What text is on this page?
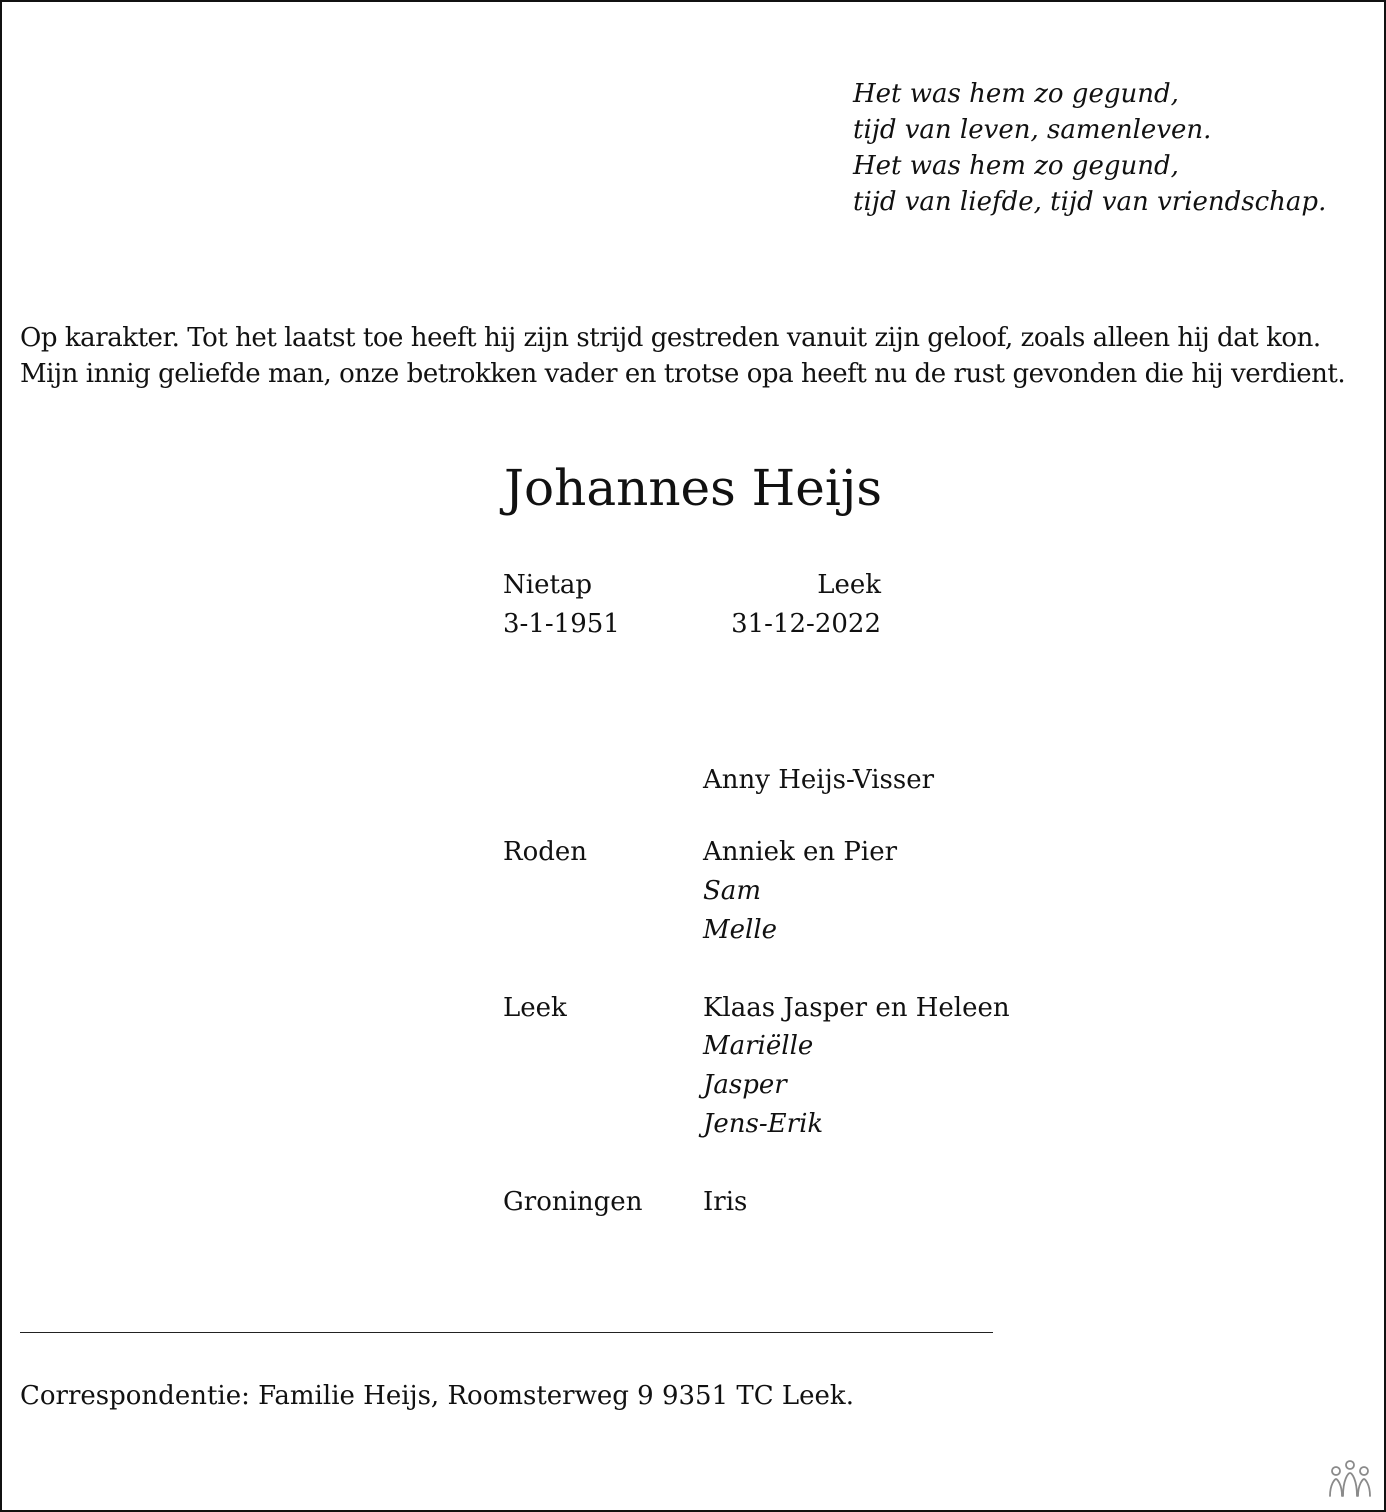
Het was hem zo gegund,
tijd van leven, samenleven.
Het was hem zo gegund,
tijd van liefde, tijd van vriendschap.
Op karakter. Tot het laatst toe heeft hij zijn strijd gestreden vanuit zijn geloof, zoals alleen hij dat kon.
Mijn innig geliefde man, onze betrokken vader en trotse opa heeft nu de rust gevonden die hij verdient.
Johannes Heijs
Nietap
3-1-1951
Leek
31-12-2022
Anny Heijs-Visser
Roden	Anniek en Pier
Sam
Melle
Leek	Klaas Jasper en Heleen
Mariëlle
Jasper
Jens-Erik
Groningen Iris
Correspondentie: Familie Heijs, Roomsterweg 9 9351 TC Leek.
